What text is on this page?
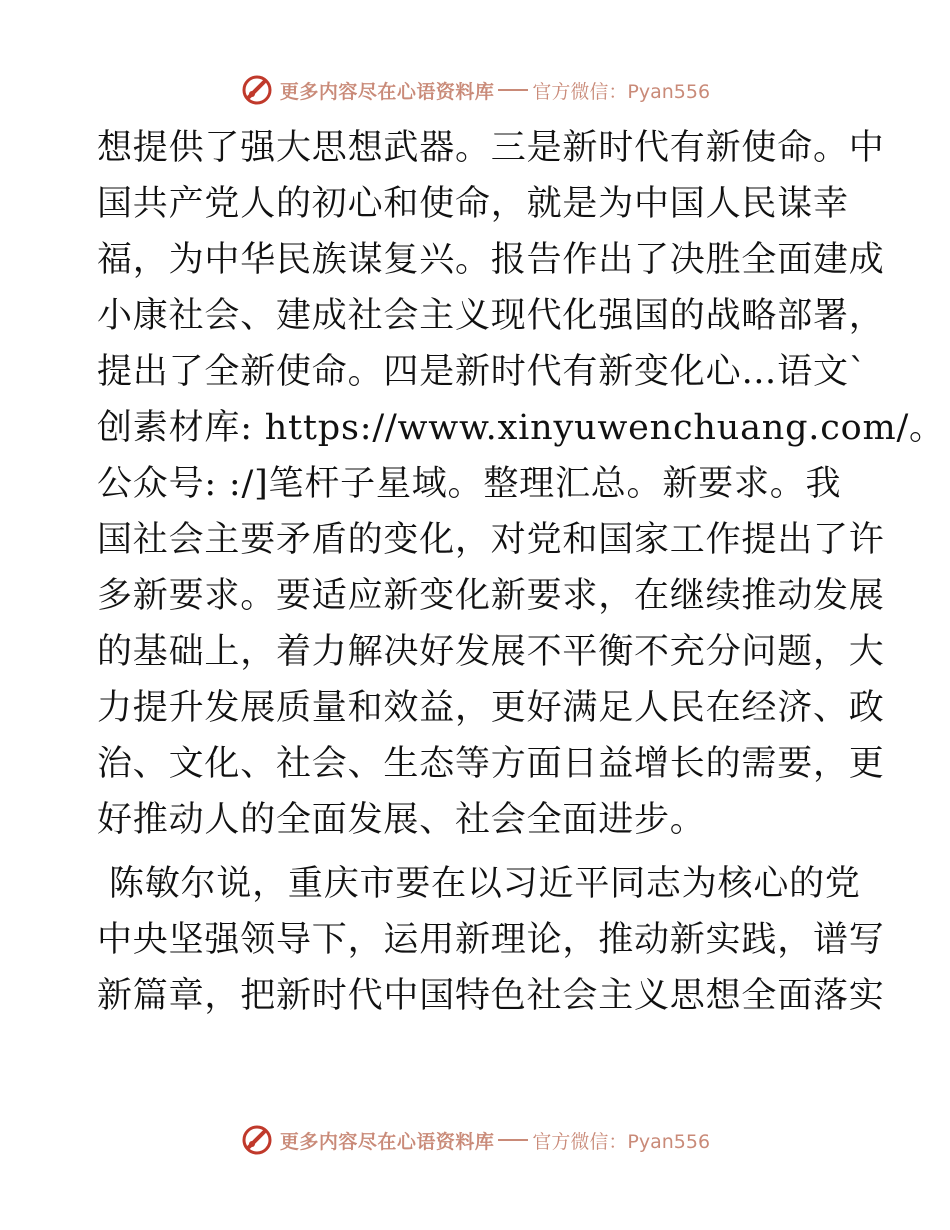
更多内容尽在心语资料库 官方微信：Pyan556
想提供了强大思想武器。三是新时代有新使命。中
国共产党人的初心和使命，就是为中国人民谋幸
福，为中华民族谋复兴。报告作出了决胜全面建成
小康社会、建成社会主义现代化强国的战略部署，
提出了全新使命。四是新时代有新变化心…语文`
创素材库: https://www.xinyuwenchuang.com/。
公众号: :/]笔杆子星域。整理汇总。新要求。我
国社会主要矛盾的变化，对党和国家工作提出了许
多新要求。要适应新变化新要求，在继续推动发展
的基础上，着力解决好发展不平衡不充分问题，大
力提升发展质量和效益，更好满足人民在经济、政
治、文化、社会、生态等方面日益增长的需要，更
好推动人的全面发展、社会全面进步。
陈敏尔说，重庆市要在以习近平同志为核心的党
中央坚强领导下，运用新理论，推动新实践，谱写
新篇章，把新时代中国特色社会主义思想全面落实
更多内容尽在心语资料库 官方微信：Pyan556
